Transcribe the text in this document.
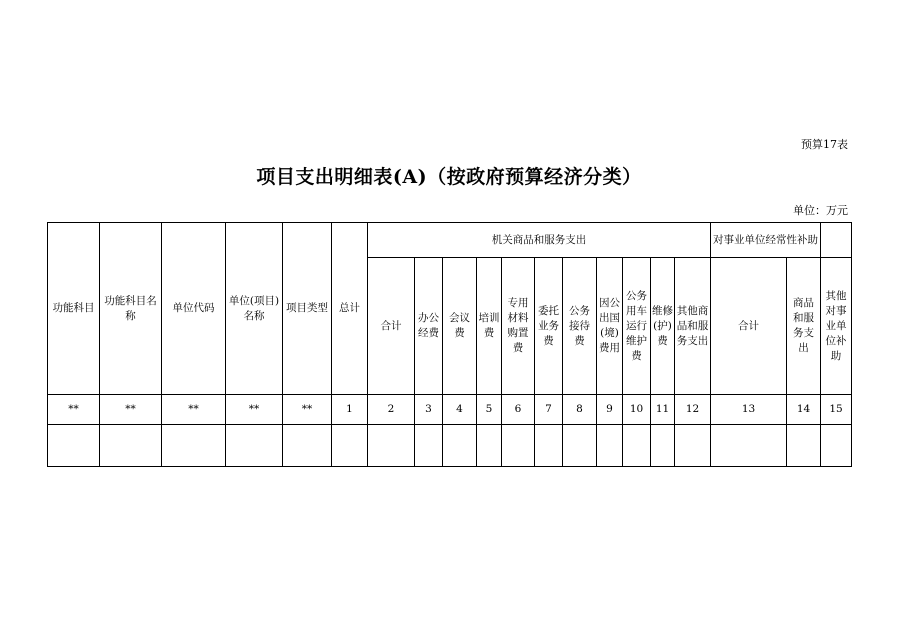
预算17表
项目支出明细表(A)（按政府预算经济分类）
单位：万元
功能科目	功能科目名称	单位代码	单位(项目)名称	项目类型	总计	机关商品和服务支出											对事业单位经常性补助		
						合计	办公经费	会议费	培训费	专用材料购置费	委托业务费	公务接待费	因公出国(境)费用	公务用车运行维护费	维修(护)费	其他商品和服务支出	合计	商品和服务支出	其他对事业单位补助
**	**	**	**	**	1	2	3	4	5	6	7	8	9	10	11	12	13	14	15
